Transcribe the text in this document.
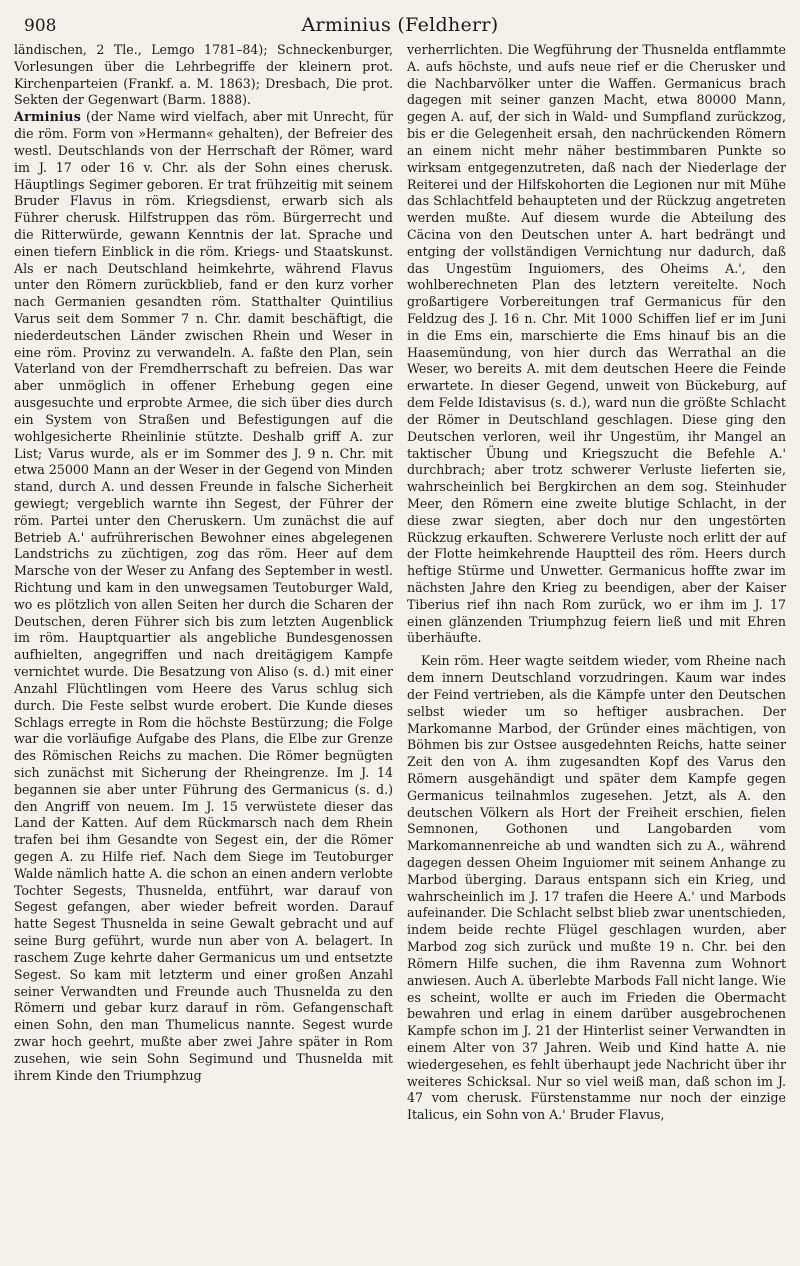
908	Arminius (Feldherr)

ländischen, 2 Tle., Lemgo 1781–84); Schneckenburger, Vorlesungen über die Lehrbegriffe der kleinern prot. Kirchenparteien (Frankf. a. M. 1863); Dresbach, Die prot. Sekten der Gegenwart (Barm. 1888).

Arminius (der Name wird vielfach, aber mit Unrecht, für die röm. Form von »Hermann« gehalten), der Befreier des westl. Deutschlands von der Herrschaft der Römer, ward im J. 17 oder 16 v. Chr. als der Sohn eines cherusk. Häuptlings Segimer geboren. Er trat frühzeitig mit seinem Bruder Flavus in röm. Kriegsdienst, erwarb sich als Führer cherusk. Hilfstruppen das röm. Bürgerrecht und die Ritterwürde, gewann Kenntnis der lat. Sprache und einen tiefern Einblick in die röm. Kriegs- und Staatskunst. Als er nach Deutschland heimkehrte, während Flavus unter den Römern zurückblieb, fand er den kurz vorher nach Germanien gesandten röm. Statthalter Quintilius Varus seit dem Sommer 7 n. Chr. damit beschäftigt, die niederdeutschen Länder zwischen Rhein und Weser in eine röm. Provinz zu verwandeln. A. faßte den Plan, sein Vaterland von der Fremdherrschaft zu befreien. Das war aber unmöglich in offener Erhebung gegen eine ausgesuchte und erprobte Armee, die sich über dies durch ein System von Straßen und Befestigungen auf die wohlgesicherte Rheinlinie stützte. Deshalb griff A. zur List; Varus wurde, als er im Sommer des J. 9 n. Chr. mit etwa 25000 Mann an der Weser in der Gegend von Minden stand, durch A. und dessen Freunde in falsche Sicherheit gewiegt; vergeblich warnte ihn Segest, der Führer der röm. Partei unter den Cheruskern. Um zunächst die auf Betrieb A.' aufrührerischen Bewohner eines abgelegenen Landstrichs zu züchtigen, zog das röm. Heer auf dem Marsche von der Weser zu Anfang des September in westl. Richtung und kam in den unwegsamen Teutoburger Wald, wo es plötzlich von allen Seiten her durch die Scharen der Deutschen, deren Führer sich bis zum letzten Augenblick im röm. Hauptquartier als angebliche Bundesgenossen aufhielten, angegriffen und nach dreitägigem Kampfe vernichtet wurde. Die Besatzung von Aliso (s. d.) mit einer Anzahl Flüchtlingen vom Heere des Varus schlug sich durch. Die Feste selbst wurde erobert. Die Kunde dieses Schlags erregte in Rom die höchste Bestürzung; die Folge war die vorläufige Aufgabe des Plans, die Elbe zur Grenze des Römischen Reichs zu machen. Die Römer begnügten sich zunächst mit Sicherung der Rheingrenze. Im J. 14 begannen sie aber unter Führung des Germanicus (s. d.) den Angriff von neuem. Im J. 15 verwüstete dieser das Land der Katten. Auf dem Rückmarsch nach dem Rhein trafen bei ihm Gesandte von Segest ein, der die Römer gegen A. zu Hilfe rief. Nach dem Siege im Teutoburger Walde nämlich hatte A. die schon an einen andern verlobte Tochter Segests, Thusnelda, entführt, war darauf von Segest gefangen, aber wieder befreit worden. Darauf hatte Segest Thusnelda in seine Gewalt gebracht und auf seine Burg geführt, wurde nun aber von A. belagert. In raschem Zuge kehrte daher Germanicus um und entsetzte Segest. So kam mit letzterm und einer großen Anzahl seiner Verwandten und Freunde auch Thusnelda zu den Römern und gebar kurz darauf in röm. Gefangenschaft einen Sohn, den man Thumelicus nannte. Segest wurde zwar hoch geehrt, mußte aber zwei Jahre später in Rom zusehen, wie sein Sohn Segimund und Thusnelda mit ihrem Kinde den Triumphzug

verherrlichten. Die Wegführung der Thusnelda entflammte A. aufs höchste, und aufs neue rief er die Cherusker und die Nachbarvölker unter die Waffen. Germanicus brach dagegen mit seiner ganzen Macht, etwa 80000 Mann, gegen A. auf, der sich in Wald- und Sumpfland zurückzog, bis er die Gelegenheit ersah, den nachrückenden Römern an einem nicht mehr näher bestimmbaren Punkte so wirksam entgegenzutreten, daß nach der Niederlage der Reiterei und der Hilfskohorten die Legionen nur mit Mühe das Schlachtfeld behaupteten und der Rückzug angetreten werden mußte. Auf diesem wurde die Abteilung des Cäcina von den Deutschen unter A. hart bedrängt und entging der vollständigen Vernichtung nur dadurch, daß das Ungestüm Inguiomers, des Oheims A.', den wohlberechneten Plan des letztern vereitelte. Noch großartigere Vorbereitungen traf Germanicus für den Feldzug des J. 16 n. Chr. Mit 1000 Schiffen lief er im Juni in die Ems ein, marschierte die Ems hinauf bis an die Haasemündung, von hier durch das Werrathal an die Weser, wo bereits A. mit dem deutschen Heere die Feinde erwartete. In dieser Gegend, unweit von Bückeburg, auf dem Felde Idistavisus (s. d.), ward nun die größte Schlacht der Römer in Deutschland geschlagen. Diese ging den Deutschen verloren, weil ihr Ungestüm, ihr Mangel an taktischer Übung und Kriegszucht die Befehle A.' durchbrach; aber trotz schwerer Verluste lieferten sie, wahrscheinlich bei Bergkirchen an dem sog. Steinhuder Meer, den Römern eine zweite blutige Schlacht, in der diese zwar siegten, aber doch nur den ungestörten Rückzug erkauften. Schwerere Verluste noch erlitt der auf der Flotte heimkehrende Hauptteil des röm. Heers durch heftige Stürme und Unwetter. Germanicus hoffte zwar im nächsten Jahre den Krieg zu beendigen, aber der Kaiser Tiberius rief ihn nach Rom zurück, wo er ihm im J. 17 einen glänzenden Triumphzug feiern ließ und mit Ehren überhäufte.

Kein röm. Heer wagte seitdem wieder, vom Rheine nach dem innern Deutschland vorzudringen. Kaum war indes der Feind vertrieben, als die Kämpfe unter den Deutschen selbst wieder um so heftiger ausbrachen. Der Markomanne Marbod, der Gründer eines mächtigen, von Böhmen bis zur Ostsee ausgedehnten Reichs, hatte seiner Zeit den von A. ihm zugesandten Kopf des Varus den Römern ausgehändigt und später dem Kampfe gegen Germanicus teilnahmlos zugesehen. Jetzt, als A. den deutschen Völkern als Hort der Freiheit erschien, fielen Semnonen, Gothonen und Langobarden vom Markomannenreiche ab und wandten sich zu A., während dagegen dessen Oheim Inguiomer mit seinem Anhange zu Marbod überging. Daraus entspann sich ein Krieg, und wahrscheinlich im J. 17 trafen die Heere A.' und Marbods aufeinander. Die Schlacht selbst blieb zwar unentschieden, indem beide rechte Flügel geschlagen wurden, aber Marbod zog sich zurück und mußte 19 n. Chr. bei den Römern Hilfe suchen, die ihm Ravenna zum Wohnort anwiesen. Auch A. überlebte Marbods Fall nicht lange. Wie es scheint, wollte er auch im Frieden die Obermacht bewahren und erlag in einem darüber ausgebrochenen Kampfe schon im J. 21 der Hinterlist seiner Verwandten in einem Alter von 37 Jahren. Weib und Kind hatte A. nie wiedergesehen, es fehlt überhaupt jede Nachricht über ihr weiteres Schicksal. Nur so viel weiß man, daß schon im J. 47 vom cherusk. Fürstenstamme nur noch der einzige Italicus, ein Sohn von A.' Bruder Flavus,
